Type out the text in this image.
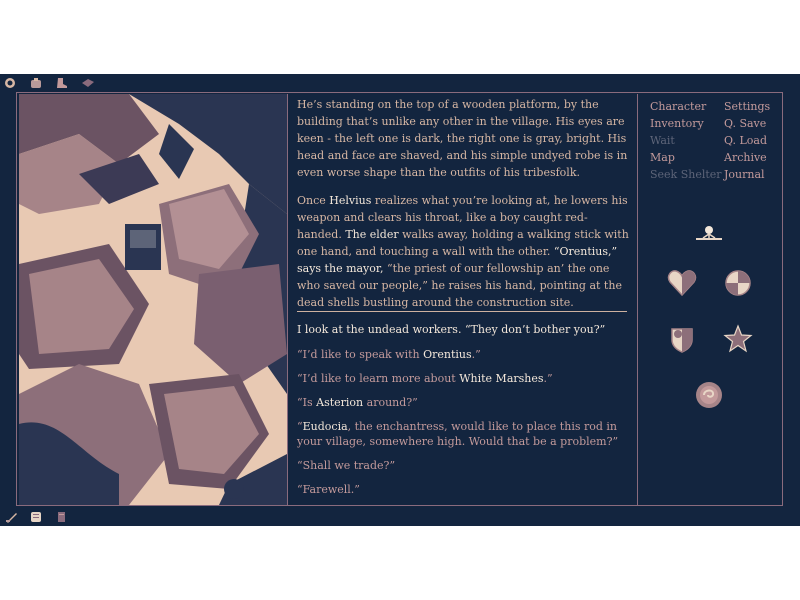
He’s standing on the top of a wooden platform, by the building that’s unlike any other in the village. His eyes are keen - the left one is dark, the right one is gray, bright. His head and face are shaved, and his simple undyed robe is in even worse shape than the outfits of his tribesfolk.

Once Helvius realizes what you’re looking at, he lowers his weapon and clears his throat, like a boy caught red-handed. The elder walks away, holding a walking stick with one hand, and touching a wall with the other. “Orentius,” says the mayor, “the priest of our fellowship an’ the one who saved our people,” he raises his hand, pointing at the dead shells bustling around the construction site.

I look at the undead workers. “They don’t bother you?”
“I’d like to speak with Orentius.”
“I’d like to learn more about White Marshes.”
“Is Asterion around?”
“Eudocia, the enchantress, would like to place this rod in your village, somewhere high. Would that be a problem?”
“Shall we trade?”
“Farewell.”
Character
Inventory
Wait
Map
Seek Shelter
Settings
Q. Save
Q. Load
Archive
Journal
